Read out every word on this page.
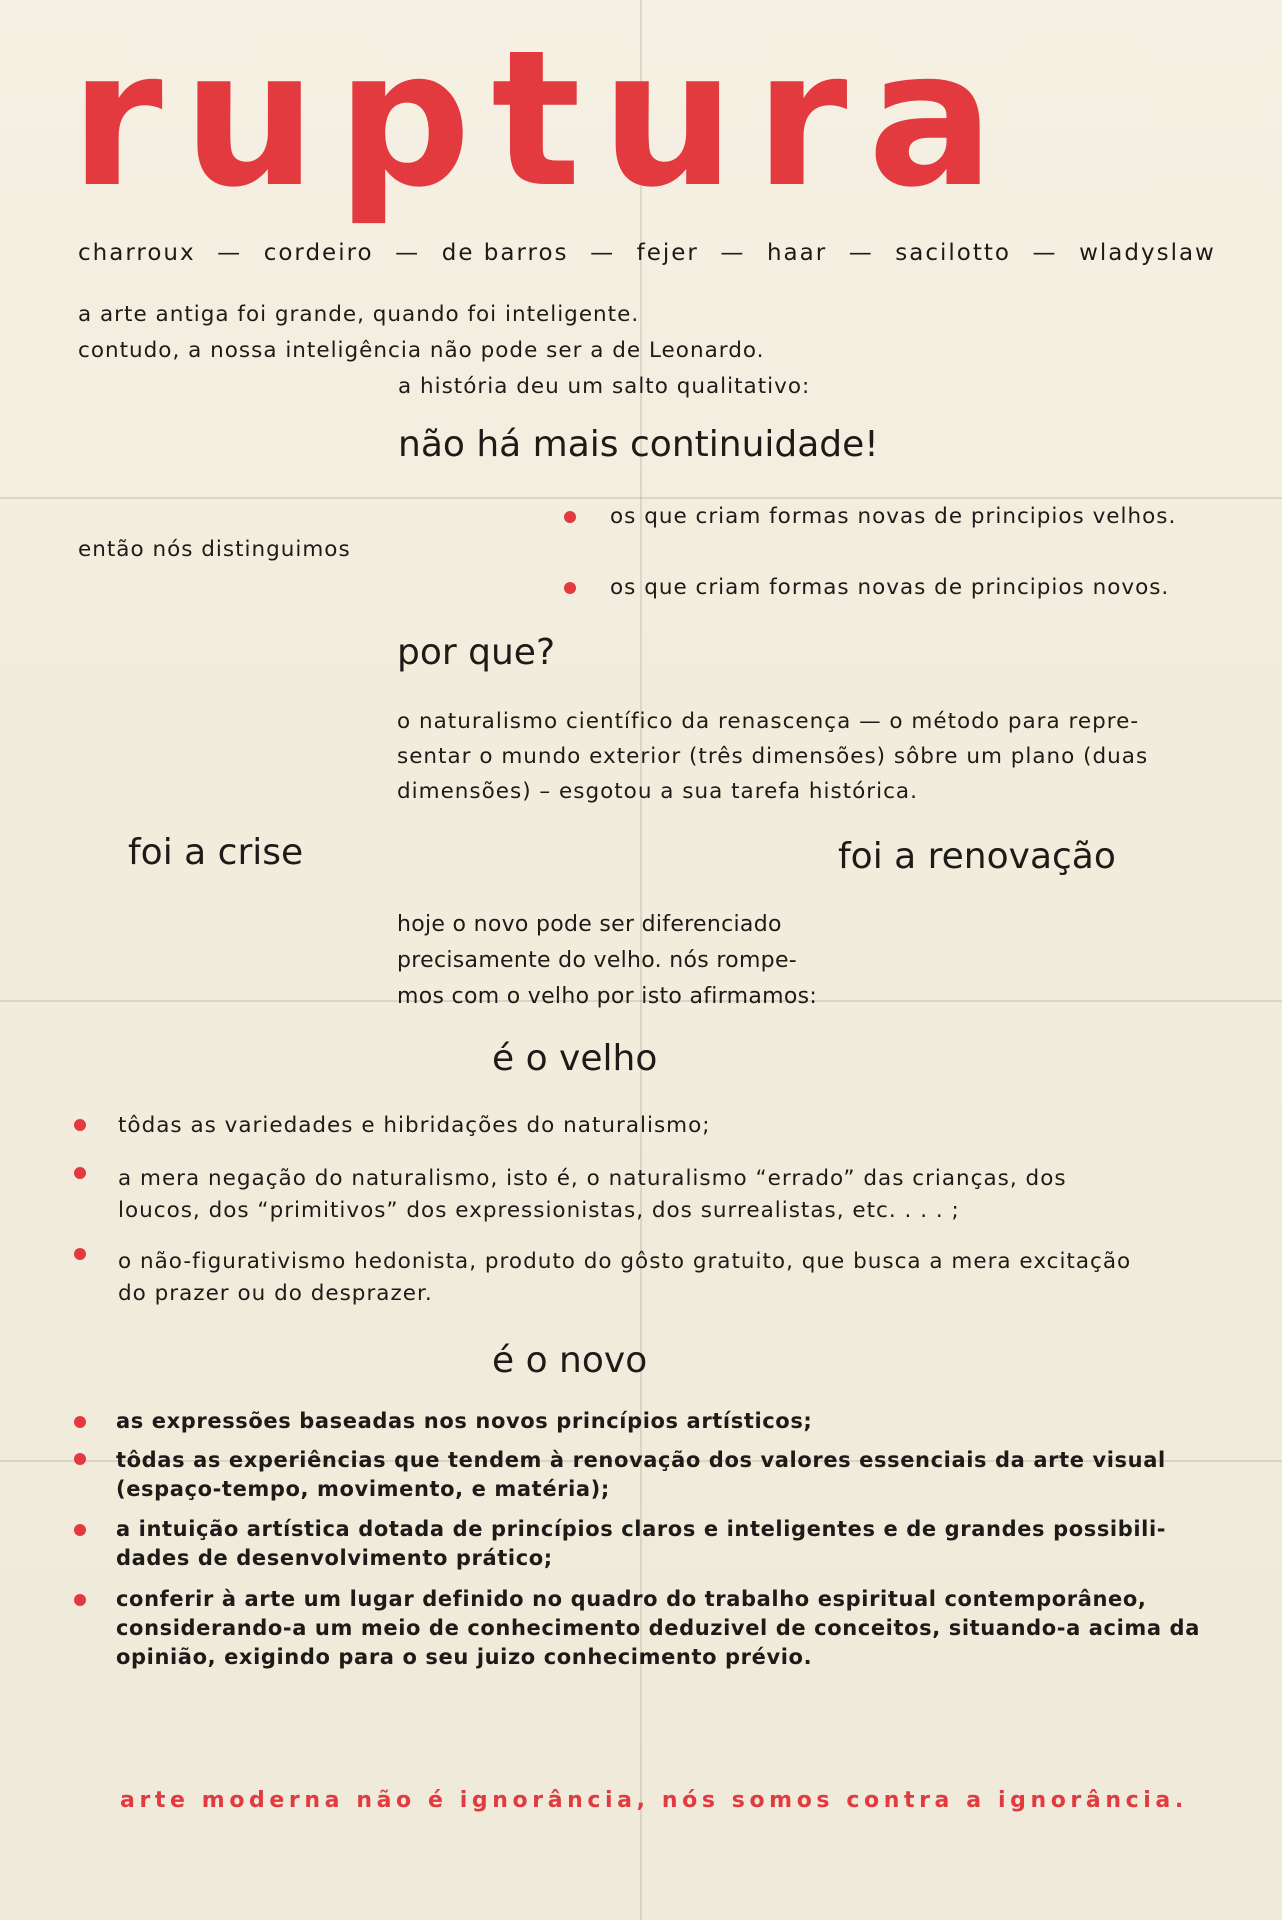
ruptura
charroux — cordeiro — de barros — fejer — haar — sacilotto — wladyslaw
a arte antiga foi grande, quando foi inteligente.
contudo, a nossa inteligência não pode ser a de Leonardo.
a história deu um salto qualitativo:
não há mais continuidade!
então nós distinguimos
os que criam formas novas de principios velhos.
os que criam formas novas de principios novos.
por que?
o naturalismo científico da renascença — o método para repre-
sentar o mundo exterior (três dimensões) sôbre um plano (duas
dimensões) – esgotou a sua tarefa histórica.
foi a crise	foi a renovação
hoje o novo pode ser diferenciado
precisamente do velho. nós rompe-
mos com o velho por isto afirmamos:
é o velho
tôdas as variedades e hibridações do naturalismo;
a mera negação do naturalismo, isto é, o naturalismo “errado” das crianças, dos
loucos, dos “primitivos” dos expressionistas, dos surrealistas, etc. . . . ;
o não-figurativismo hedonista, produto do gôsto gratuito, que busca a mera excitação
do prazer ou do desprazer.
é o novo
as expressões baseadas nos novos princípios artísticos;
tôdas as experiências que tendem à renovação dos valores essenciais da arte visual
(espaço-tempo, movimento, e matéria);
a intuição artística dotada de princípios claros e inteligentes e de grandes possibili-
dades de desenvolvimento prático;
conferir à arte um lugar definido no quadro do trabalho espiritual contemporâneo,
considerando-a um meio de conhecimento deduzivel de conceitos, situando-a acima da
opinião, exigindo para o seu juizo conhecimento prévio.
arte moderna não é ignorância, nós somos contra a ignorância.
